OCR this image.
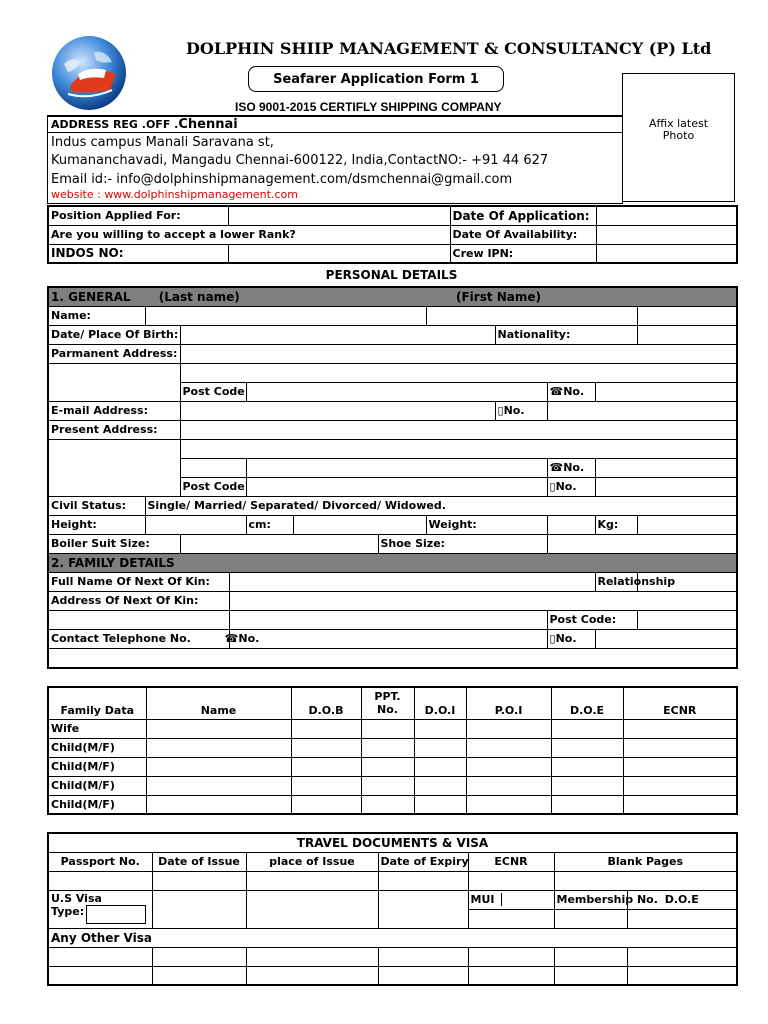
DOLPHIN SHIIP MANAGEMENT & CONSULTANCY (P) Ltd
Seafarer Application Form 1
ISO 9001-2015 CERTIFLY SHIPPING COMPANY
Affix latest Photo
ADDRESS REG .OFF .Chennai
Indus campus Manali Saravana st,
Kumananchavadi, Mangadu Chennai-600122, India,ContactNO:- +91 44 627
Email id:- info@dolphinshipmanagement.com/dsmchennai@gmail.com
website : www.dolphinshipmanagement.com
Position Applied For:		Date Of Application:	
Are you willing to accept a lower Rank?		Date Of Availability:	
INDOS NO:		Crew IPN:	
PERSONAL DETAILS
1. GENERAL (Last name) (First Name)											
Name:											
Date/ Place Of Birth:								Nationality:			
Parmanent Address:											

		Post Code							☎No.		
E-mail Address:								▯No.			
Present Address:											

									☎No.		
		Post Code							▯No.		
Civil Status:	Single/ Married/ Separated/ Divorced/ Widowed.										
Height:				cm:			Weight:			Kg:	
Boiler Suit Size:						Shoe Size:					
2. FAMILY DETAILS											
Full Name Of Next Of Kin:										Relationship	
Address Of Next Of Kin:											
									Post Code:		
Contact Telephone No. ☎No.									▯No.		

Family Data	Name	D.O.B	PPT. No.	D.O.I	P.O.I	D.O.E	ECNR
Wife							
Child(M/F)							
Child(M/F)							
Child(M/F)							
Child(M/F)							
TRAVEL DOCUMENTS & VISA						
Passport No.	Date of Issue	place of Issue	Date of Expiry	ECNR	Blank Pages	

U.S Visa
Type:				MUI	Membership No.	D.O.E

Any Other Visa						
